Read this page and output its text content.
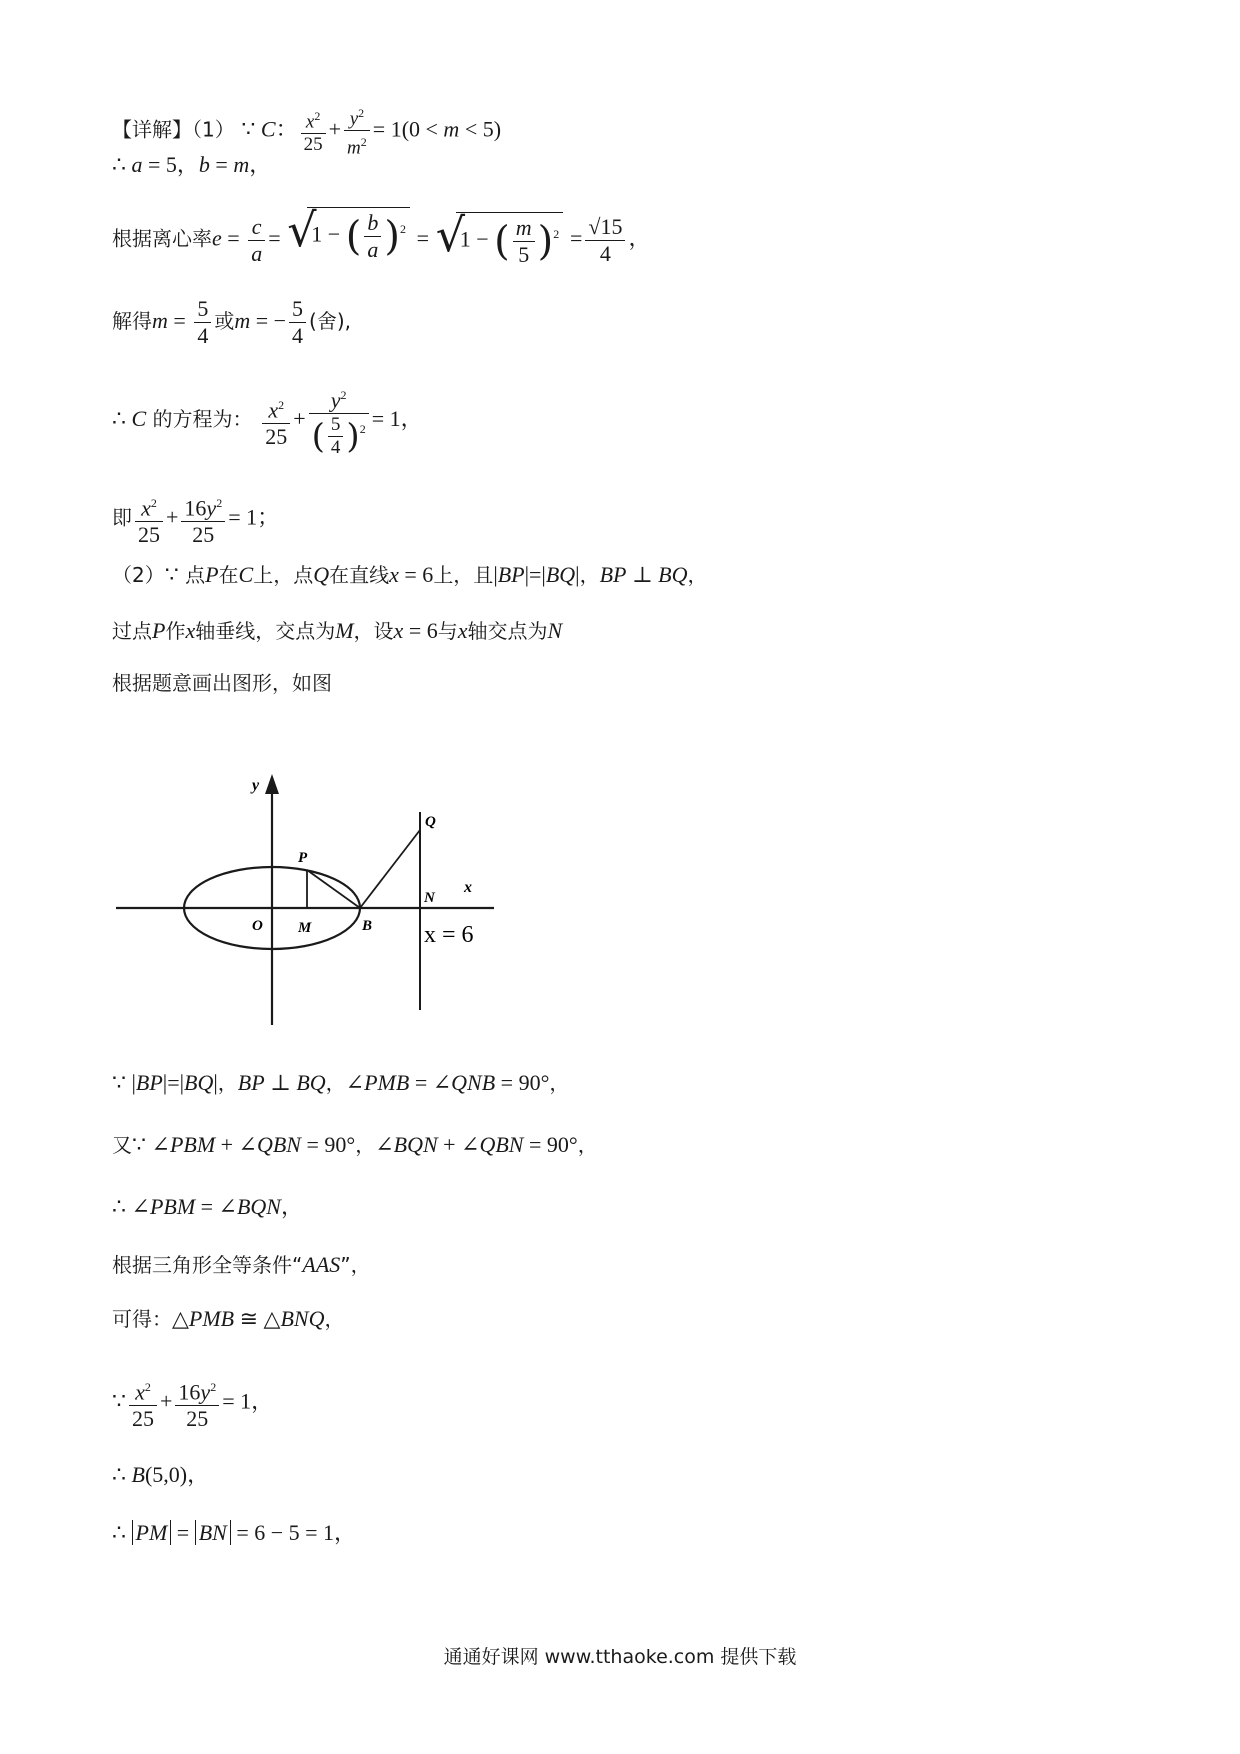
【详解】（1） ∵ C： $\frac{x^2}{25} + \frac{y^2}{m^2} = 1(0 < m < 5)$
∴ a = 5，b = m，
根据离心率$e = \frac{c}{a}$ = √
1 − ( $\frac{b}{a} )^2$ = √
1 − ( $\frac{m}{5} )^2 = \frac{√15}{4}$ ，
解得$m = \frac{5}{4}$ 或m = − $\frac{5}{4}$ (舍),
∴ C 的方程为： $\frac{x^2}{25} + \frac{y^2}{( \frac{5}{4} )^2} = 1$，
即 $\frac{x^2}{25} + \frac{16y^2}{25} = 1$；
（2）∵ 点P在C上，点Q在直线x = 6上，且|BP|=|BQ|，BP ⊥ BQ，
过点P作x轴垂线，交点为M，设x = 6与x轴交点为N
根据题意画出图形，如图
y
x
O
P
M	B
N
Q
x = 6
∵ |BP|=|BQ|，BP ⊥ BQ，∠PMB = ∠QNB = 90°，
又∵ ∠PBM + ∠QBN = 90°，∠BQN + ∠QBN = 90°，
∴ ∠PBM = ∠BQN，
根据三角形全等条件“AAS”，
可得：△PMB ≅ △BNQ，
∵ $\frac{x^2}{25} + \frac{16y^2}{25} = 1$，
∴ B(5,0)，
∴ PM = BN = 6 − 5 = 1，
通通好课网 www.tthaoke.com 提供下载
